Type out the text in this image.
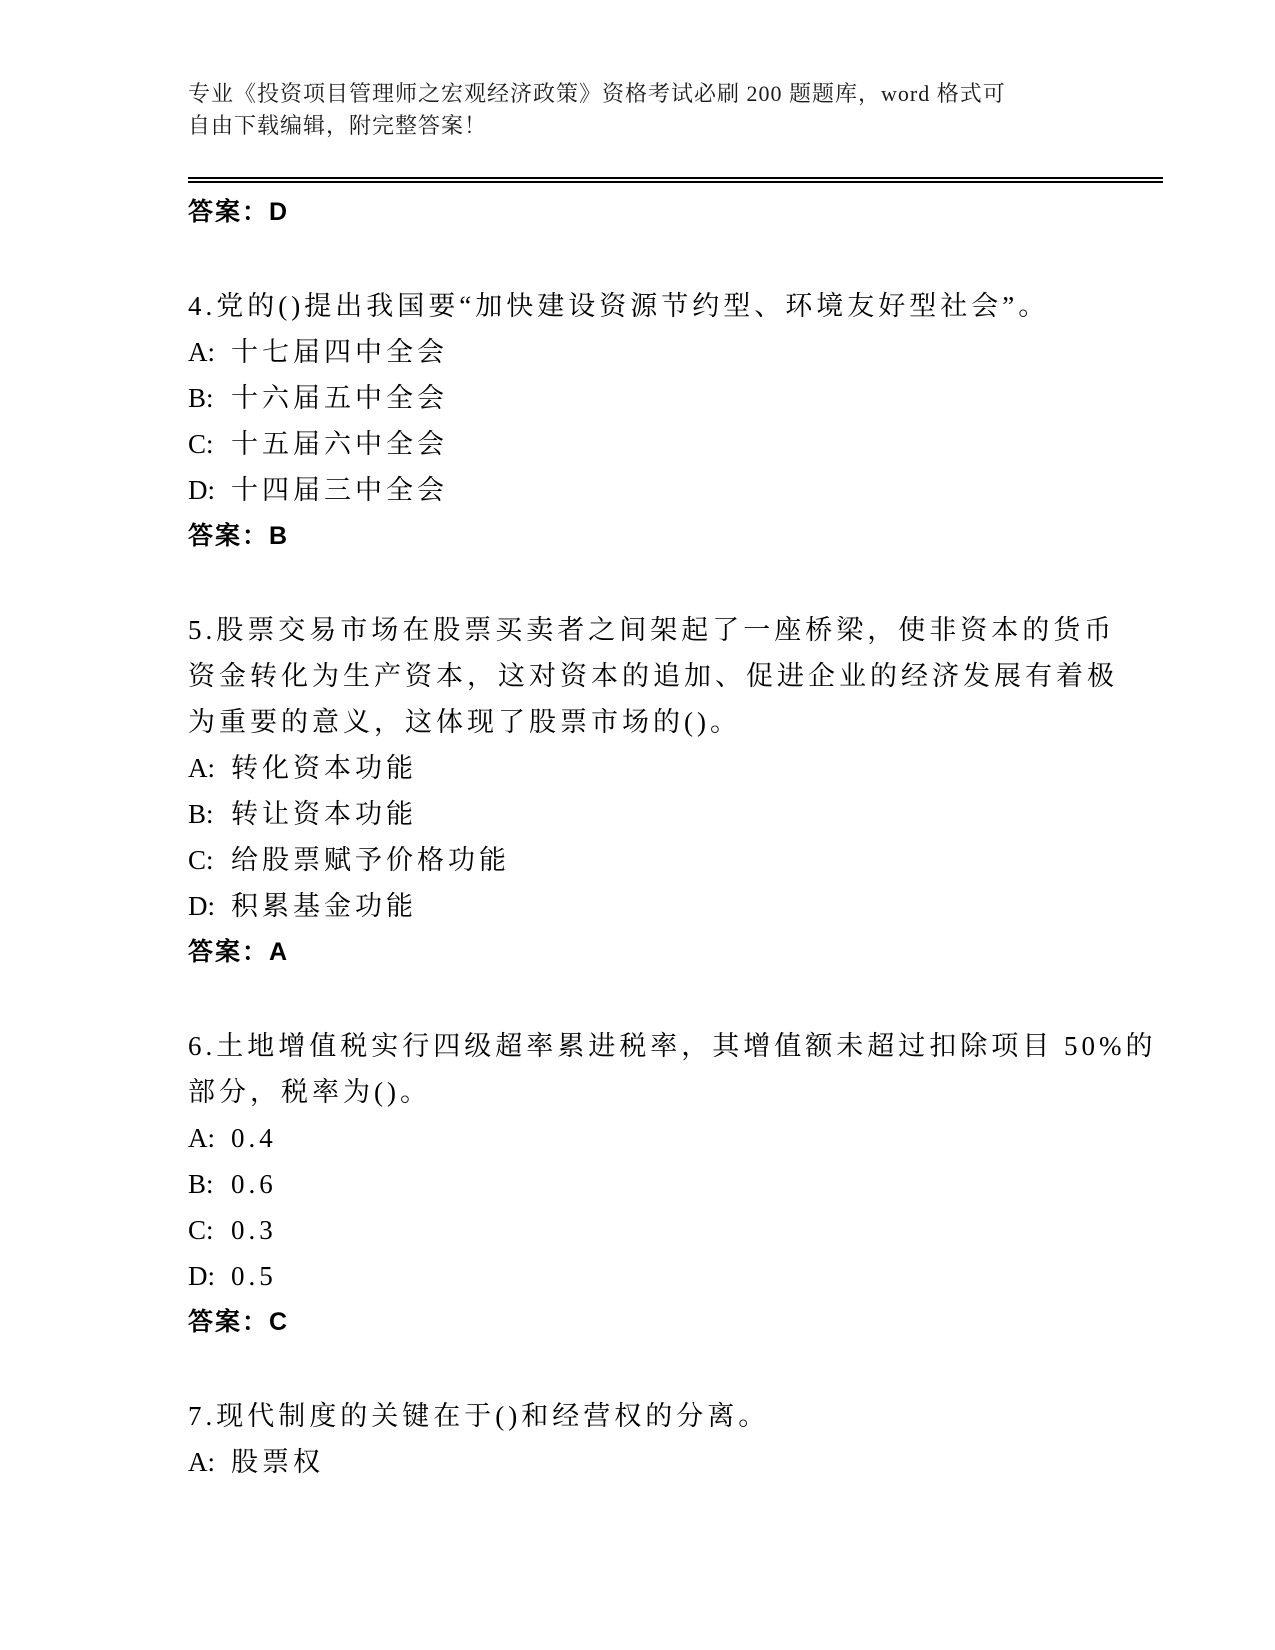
专业《投资项目管理师之宏观经济政策》资格考试必刷 200 题题库，word 格式可
自由下载编辑，附完整答案！
答案：D
4.党的()提出我国要“加快建设资源节约型、环境友好型社会”。
A: 十七届四中全会
B: 十六届五中全会
C: 十五届六中全会
D: 十四届三中全会
答案：B
5.股票交易市场在股票买卖者之间架起了一座桥梁，使非资本的货币
资金转化为生产资本，这对资本的追加、促进企业的经济发展有着极
为重要的意义，这体现了股票市场的()。
A: 转化资本功能
B: 转让资本功能
C: 给股票赋予价格功能
D: 积累基金功能
答案：A
6.土地增值税实行四级超率累进税率，其增值额未超过扣除项目 50%的
部分，税率为()。
A: 0.4
B: 0.6
C: 0.3
D: 0.5
答案：C
7.现代制度的关键在于()和经营权的分离。
A: 股票权
